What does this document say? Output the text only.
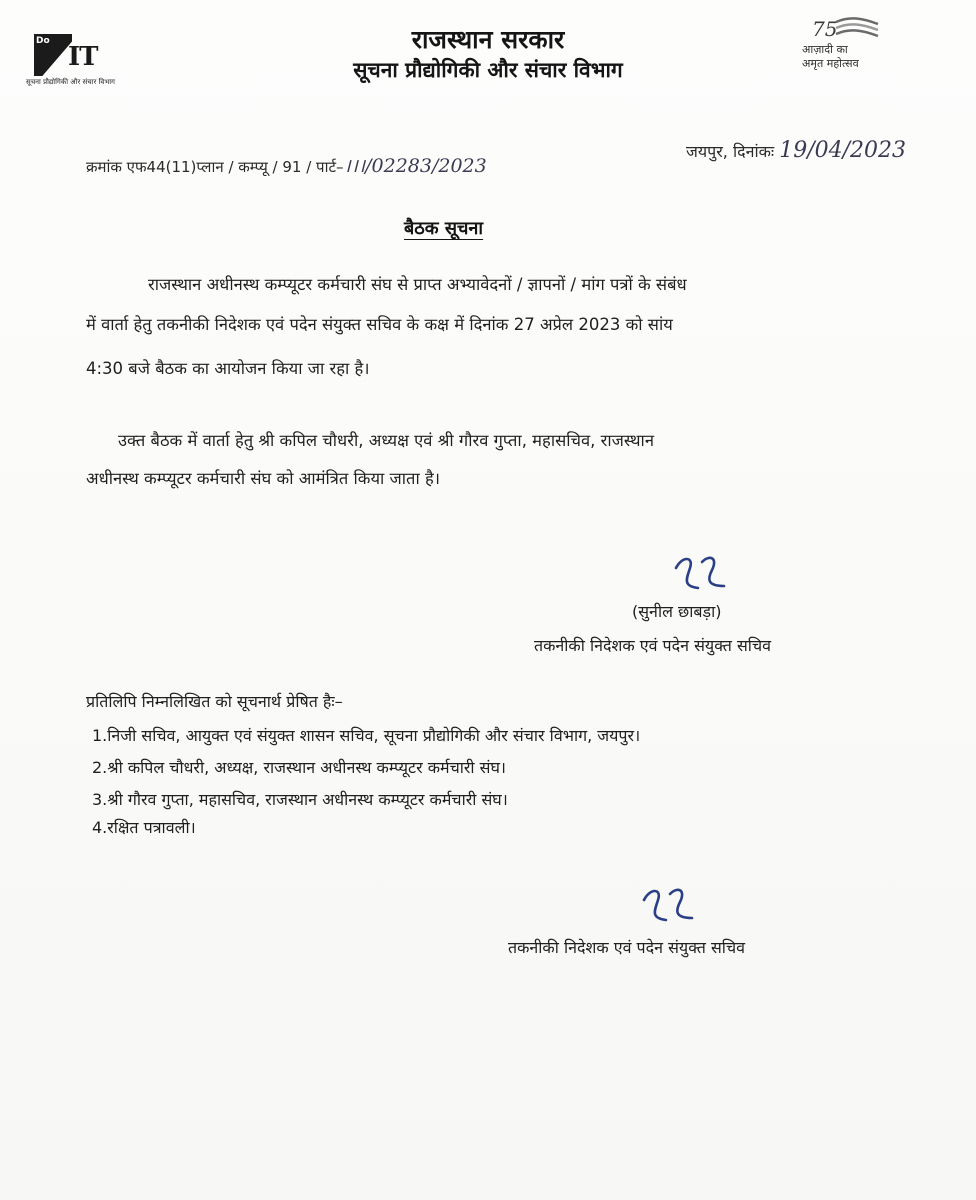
Do
IT
सूचना प्रौद्योगिकी और संचार विभाग
राजस्थान सरकार
सूचना प्रौद्योगिकी और संचार विभाग
75
आज़ादी का
अमृत महोत्सव
क्रमांक एफ44(11)प्लान / कम्प्यू / 91 / पार्ट–।।।/02283/2023
जयपुर, दिनांकः 19/04/2023
बैठक सूचना
राजस्थान अधीनस्थ कम्प्यूटर कर्मचारी संघ से प्राप्त अभ्यावेदनों / ज्ञापनों / मांग पत्रों के संबंध
में वार्ता हेतु तकनीकी निदेशक एवं पदेन संयुक्त सचिव के कक्ष में दिनांक 27 अप्रेल 2023 को सांय
4:30 बजे बैठक का आयोजन किया जा रहा है।
उक्त बैठक में वार्ता हेतु श्री कपिल चौधरी, अध्यक्ष एवं श्री गौरव गुप्ता, महासचिव, राजस्थान
अधीनस्थ कम्प्यूटर कर्मचारी संघ को आमंत्रित किया जाता है।
(सुनील छाबड़ा)
तकनीकी निदेशक एवं पदेन संयुक्त सचिव
प्रतिलिपि निम्नलिखित को सूचनार्थ प्रेषित हैः–
1.निजी सचिव, आयुक्त एवं संयुक्त शासन सचिव, सूचना प्रौद्योगिकी और संचार विभाग, जयपुर।
2.श्री कपिल चौधरी, अध्यक्ष, राजस्थान अधीनस्थ कम्प्यूटर कर्मचारी संघ।
3.श्री गौरव गुप्ता, महासचिव, राजस्थान अधीनस्थ कम्प्यूटर कर्मचारी संघ।
4.रक्षित पत्रावली।
तकनीकी निदेशक एवं पदेन संयुक्त सचिव
